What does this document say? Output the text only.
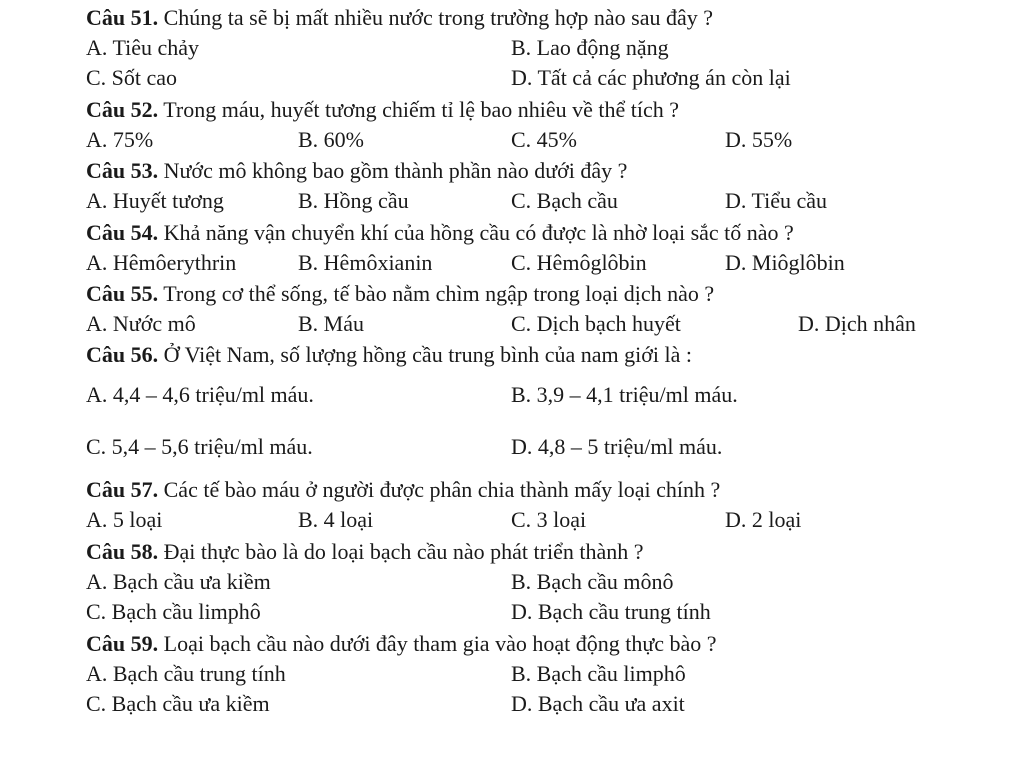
Câu 51. Chúng ta sẽ bị mất nhiều nước trong trường hợp nào sau đây ?
A. Tiêu chảy	B. Lao động nặng
C. Sốt cao	D. Tất cả các phương án còn lại
Câu 52. Trong máu, huyết tương chiếm tỉ lệ bao nhiêu về thể tích ?
A. 75%	B. 60%	C. 45%	D. 55%
Câu 53. Nước mô không bao gồm thành phần nào dưới đây ?
A. Huyết tương	B. Hồng cầu	C. Bạch cầu	D. Tiểu cầu
Câu 54. Khả năng vận chuyển khí của hồng cầu có được là nhờ loại sắc tố nào ?
A. Hêmôerythrin	B. Hêmôxianin	C. Hêmôglôbin	D. Miôglôbin
Câu 55. Trong cơ thể sống, tế bào nằm chìm ngập trong loại dịch nào ?
A. Nước mô	B. Máu	C. Dịch bạch huyết	D. Dịch nhân
Câu 56. Ở Việt Nam, số lượng hồng cầu trung bình của nam giới là :
A. 4,4 – 4,6 triệu/ml máu.	B. 3,9 – 4,1 triệu/ml máu.
C. 5,4 – 5,6 triệu/ml máu.	D. 4,8 – 5 triệu/ml máu.
Câu 57. Các tế bào máu ở người được phân chia thành mấy loại chính ?
A. 5 loại	B. 4 loại	C. 3 loại	D. 2 loại
Câu 58. Đại thực bào là do loại bạch cầu nào phát triển thành ?
A. Bạch cầu ưa kiềm	B. Bạch cầu mônô
C. Bạch cầu limphô	D. Bạch cầu trung tính
Câu 59. Loại bạch cầu nào dưới đây tham gia vào hoạt động thực bào ?
A. Bạch cầu trung tính	B. Bạch cầu limphô
C. Bạch cầu ưa kiềm	D. Bạch cầu ưa axit
